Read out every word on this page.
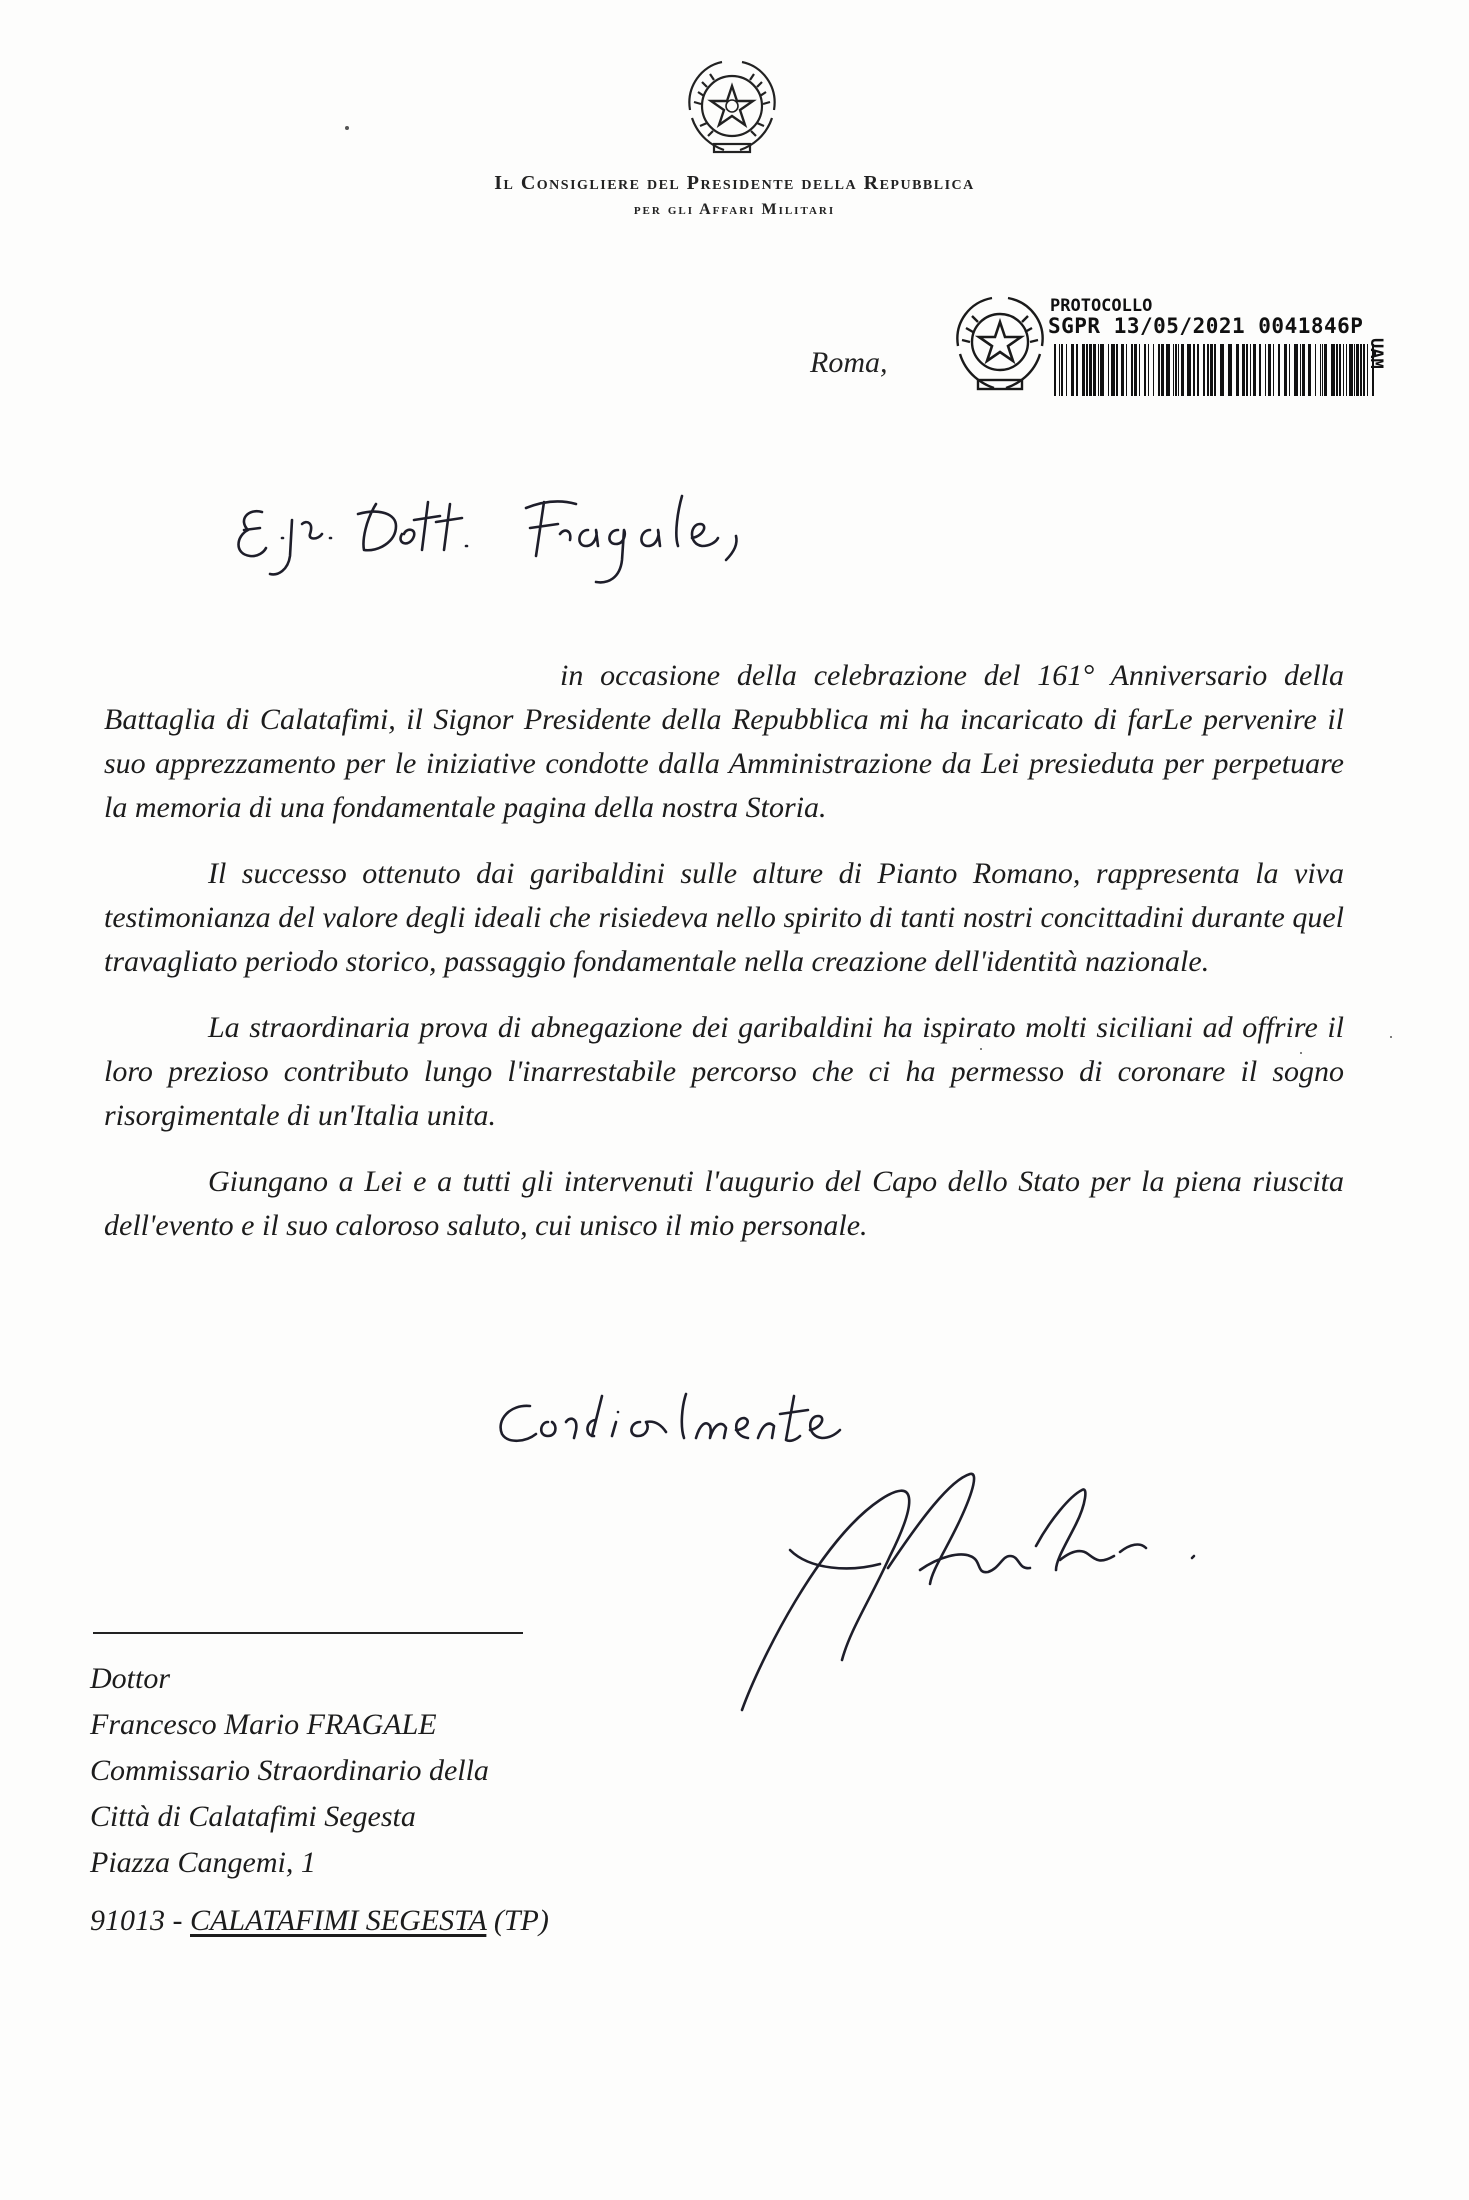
Il Consigliere del Presidente della Repubblica
per gli Affari Militari
Roma,
PROTOCOLLO
SGPR 13/05/2021 0041846P
UAM

in occasione della celebrazione del 161° Anniversario della Battaglia di Calatafimi, il Signor Presidente della Repubblica mi ha incaricato di farLe pervenire il suo apprezzamento per le iniziative condotte dalla Amministrazione da Lei presieduta per perpetuare la memoria di una fondamentale pagina della nostra Storia.

Il successo ottenuto dai garibaldini sulle alture di Pianto Romano, rappresenta la viva testimonianza del valore degli ideali che risiedeva nello spirito di tanti nostri concittadini durante quel travagliato periodo storico, passaggio fondamentale nella creazione dell'identità nazionale.

La straordinaria prova di abnegazione dei garibaldini ha ispirato molti siciliani ad offrire il loro prezioso contributo lungo l'inarrestabile percorso che ci ha permesso di coronare il sogno risorgimentale di un'Italia unita.

Giungano a Lei e a tutti gli intervenuti l'augurio del Capo dello Stato per la piena riuscita dell'evento e il suo caloroso saluto, cui unisco il mio personale.

Dottor
Francesco Mario FRAGALE
Commissario Straordinario della
Città di Calatafimi Segesta
Piazza Cangemi, 1
91013 - CALATAFIMI SEGESTA (TP)
